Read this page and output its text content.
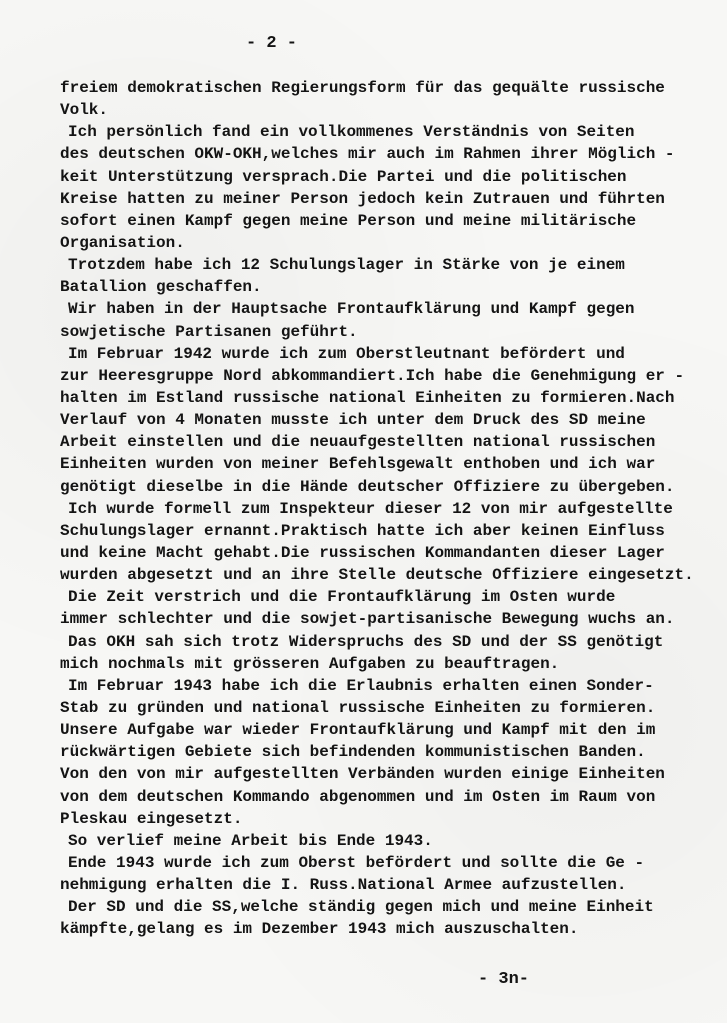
- 2 -
freiem demokratischen Regierungsform für das gequälte russische
Volk.
Ich persönlich fand ein vollkommenes Verständnis von Seiten
des deutschen OKW-OKH,welches mir auch im Rahmen ihrer Möglich -
keit Unterstützung versprach.Die Partei und die politischen
Kreise hatten zu meiner Person jedoch kein Zutrauen und führten
sofort einen Kampf gegen meine Person und meine militärische
Organisation.
Trotzdem habe ich 12 Schulungslager in Stärke von je einem
Batallion geschaffen.
Wir haben in der Hauptsache Frontaufklärung und Kampf gegen
sowjetische Partisanen geführt.
Im Februar 1942 wurde ich zum Oberstleutnant befördert und
zur Heeresgruppe Nord abkommandiert.Ich habe die Genehmigung er -
halten im Estland russische national Einheiten zu formieren.Nach
Verlauf von 4 Monaten musste ich unter dem Druck des SD meine
Arbeit einstellen und die neuaufgestellten national russischen
Einheiten wurden von meiner Befehlsgewalt enthoben und ich war
genötigt dieselbe in die Hände deutscher Offiziere zu übergeben.
Ich wurde formell zum Inspekteur dieser 12 von mir aufgestellte
Schulungslager ernannt.Praktisch hatte ich aber keinen Einfluss
und keine Macht gehabt.Die russischen Kommandanten dieser Lager
wurden abgesetzt und an ihre Stelle deutsche Offiziere eingesetzt.
Die Zeit verstrich und die Frontaufklärung im Osten wurde
immer schlechter und die sowjet-partisanische Bewegung wuchs an.
Das OKH sah sich trotz Widerspruchs des SD und der SS genötigt
mich nochmals mit grösseren Aufgaben zu beauftragen.
Im Februar 1943 habe ich die Erlaubnis erhalten einen Sonder-
Stab zu gründen und national russische Einheiten zu formieren.
Unsere Aufgabe war wieder Frontaufklärung und Kampf mit den im
rückwärtigen Gebiete sich befindenden kommunistischen Banden.
Von den von mir aufgestellten Verbänden wurden einige Einheiten
von dem deutschen Kommando abgenommen und im Osten im Raum von
Pleskau eingesetzt.
So verlief meine Arbeit bis Ende 1943.
Ende 1943 wurde ich zum Oberst befördert und sollte die Ge -
nehmigung erhalten die I. Russ.National Armee aufzustellen.
Der SD und die SS,welche ständig gegen mich und meine Einheit
kämpfte,gelang es im Dezember 1943 mich auszuschalten.
- 3n-
